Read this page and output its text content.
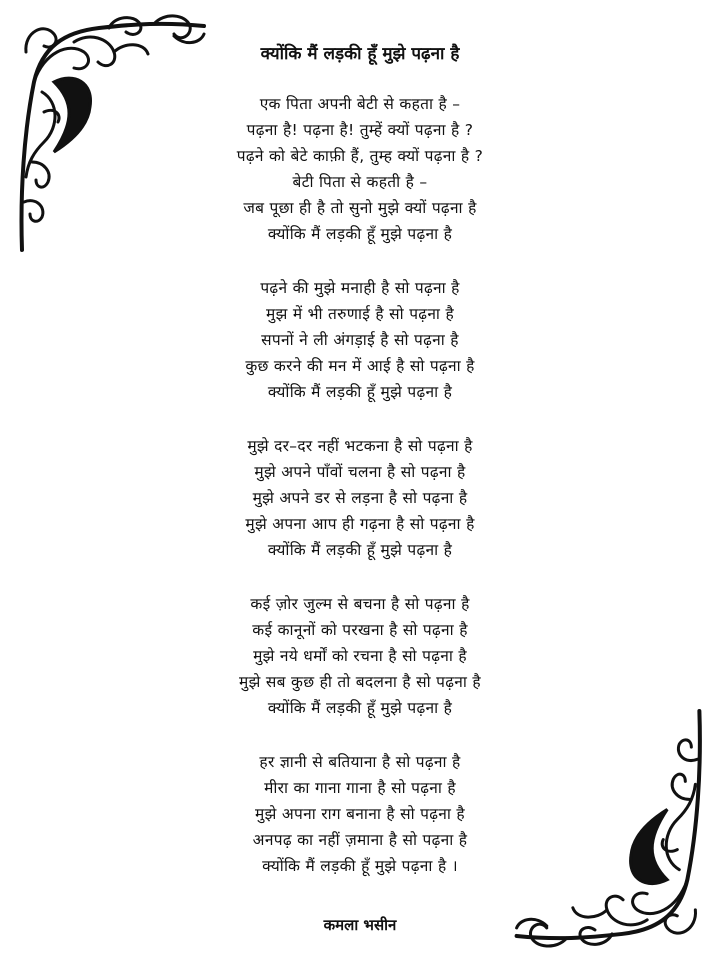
क्योंकि मैं लड़की हूँ मुझे पढ़ना है
एक पिता अपनी बेटी से कहता है –
पढ़ना है! पढ़ना है! तुम्हें क्यों पढ़ना है ?
पढ़ने को बेटे काफ़ी हैं, तुम्ह क्यों पढ़ना है ?
बेटी पिता से कहती है –
जब पूछा ही है तो सुनो मुझे क्यों पढ़ना है
क्योंकि मैं लड़की हूँ मुझे पढ़ना है
पढ़ने की मुझे मनाही है सो पढ़ना है
मुझ में भी तरुणाई है सो पढ़ना है
सपनों ने ली अंगड़ाई है सो पढ़ना है
कुछ करने की मन में आई है सो पढ़ना है
क्योंकि मैं लड़की हूँ मुझे पढ़ना है
मुझे दर–दर नहीं भटकना है सो पढ़ना है
मुझे अपने पाँवों चलना है सो पढ़ना है
मुझे अपने डर से लड़ना है सो पढ़ना है
मुझे अपना आप ही गढ़ना है सो पढ़ना है
क्योंकि मैं लड़की हूँ मुझे पढ़ना है
कई ज़ोर जुल्म से बचना है सो पढ़ना है
कई कानूनों को परखना है सो पढ़ना है
मुझे नये धर्मों को रचना है सो पढ़ना है
मुझे सब कुछ ही तो बदलना है सो पढ़ना है
क्योंकि मैं लड़की हूँ मुझे पढ़ना है
हर ज्ञानी से बतियाना है सो पढ़ना है
मीरा का गाना गाना है सो पढ़ना है
मुझे अपना राग बनाना है सो पढ़ना है
अनपढ़ का नहीं ज़माना है सो पढ़ना है
क्योंकि मैं लड़की हूँ मुझे पढ़ना है ।
कमला भसीन
